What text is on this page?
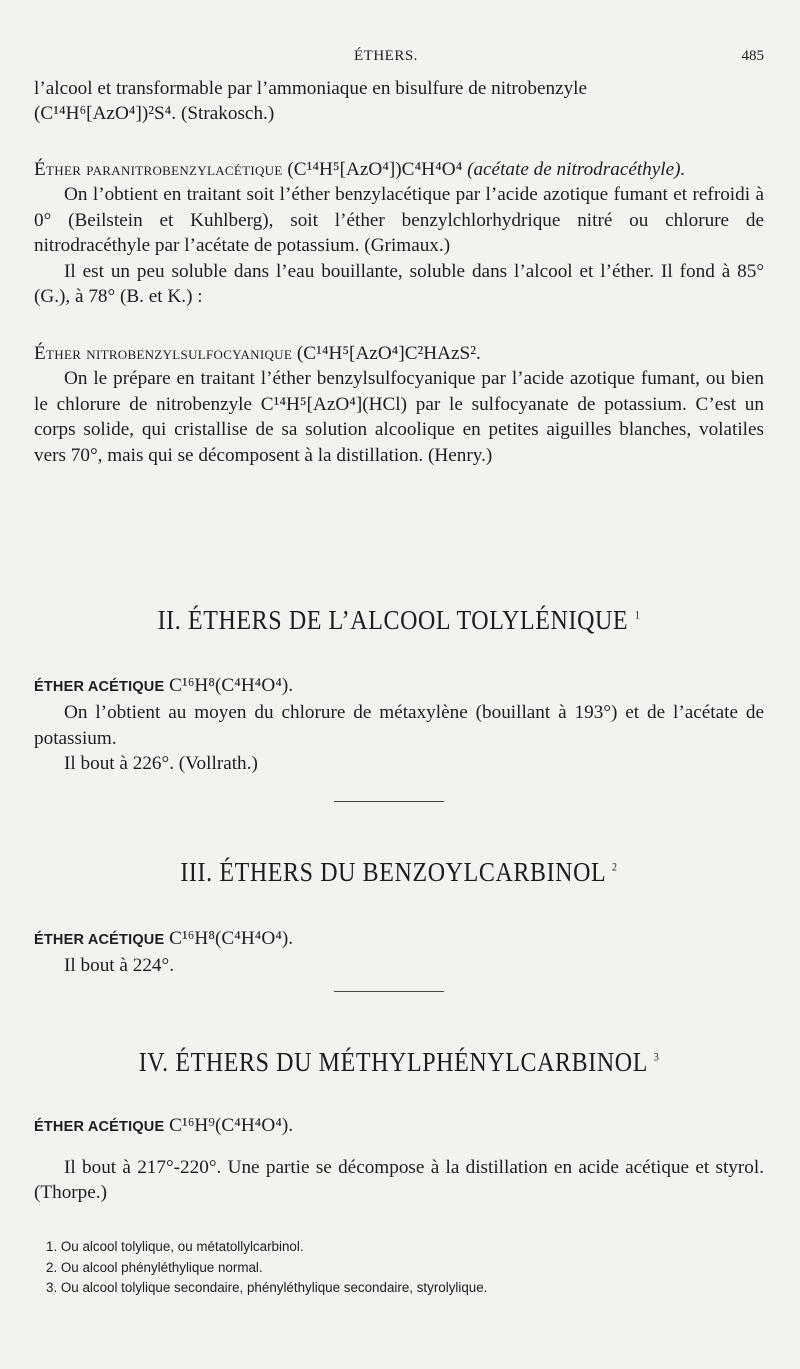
ÉTHERS.	485

l’alcool et transformable par l’ammoniaque en bisulfure de nitrobenzyle

(C¹⁴H⁶[AzO⁴])²S⁴. (Strakosch.)

Éther paranitrobenzylacétique (C¹⁴H⁵[AzO⁴])C⁴H⁴O⁴ (acétate de nitrodracéthyle).

On l’obtient en traitant soit l’éther benzylacétique par l’acide azotique fumant et refroidi à 0° (Beilstein et Kuhlberg), soit l’éther benzylchlorhydrique nitré ou chlorure de nitrodracéthyle par l’acétate de potassium. (Grimaux.)

Il est un peu soluble dans l’eau bouillante, soluble dans l’alcool et l’éther. Il fond à 85° (G.), à 78° (B. et K.) :

Éther nitrobenzylsulfocyanique (C¹⁴H⁵[AzO⁴]C²HAzS².

On le prépare en traitant l’éther benzylsulfocyanique par l’acide azotique fumant, ou bien le chlorure de nitrobenzyle C¹⁴H⁵[AzO⁴](HCl) par le sulfocyanate de potassium. C’est un corps solide, qui cristallise de sa solution alcoolique en petites aiguilles blanches, volatiles vers 70°, mais qui se décomposent à la distillation. (Henry.)

II. ÉTHERS DE L’ALCOOL TOLYLÉNIQUE $^1$

ÉTHER ACÉTIQUE C¹⁶H⁸(C⁴H⁴O⁴).

On l’obtient au moyen du chlorure de métaxylène (bouillant à 193°) et de l’acétate de potassium.

Il bout à 226°. (Vollrath.)

III. ÉTHERS DU BENZOYLCARBINOL $^2$

ÉTHER ACÉTIQUE C¹⁶H⁸(C⁴H⁴O⁴).

Il bout à 224°.

IV. ÉTHERS DU MÉTHYLPHÉNYLCARBINOL $^3$

ÉTHER ACÉTIQUE C¹⁶H⁹(C⁴H⁴O⁴).

Il bout à 217°-220°. Une partie se décompose à la distillation en acide acétique et styrol. (Thorpe.)

1. Ou alcool tolylique, ou métatollylcarbinol.

2. Ou alcool phényléthylique normal.

3. Ou alcool tolylique secondaire, phényléthylique secondaire, styrolylique.
